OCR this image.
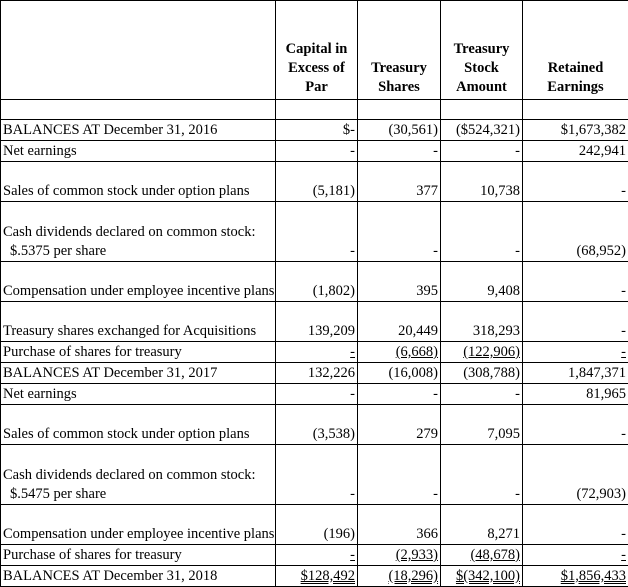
	Capital in Excess of Par	Treasury Shares	Treasury Stock Amount	Retained Earnings

BALANCES AT December 31, 2016	$-	(30,561)	($524,321)	$1,673,382
Net earnings	-	-	-	242,941
Sales of common stock under option plans	(5,181)	377	10,738	-
Cash dividends declared on common stock:
$.5375 per share	-	-	-	(68,952)
Compensation under employee incentive plans	(1,802)	395	9,408	-
Treasury shares exchanged for Acquisitions	139,209	20,449	318,293	-
Purchase of shares for treasury	-	(6,668)	(122,906)	-
BALANCES AT December 31, 2017	132,226	(16,008)	(308,788)	1,847,371
Net earnings	-	-	-	81,965
Sales of common stock under option plans	(3,538)	279	7,095	-
Cash dividends declared on common stock:
$.5475 per share	-	-	-	(72,903)
Compensation under employee incentive plans	(196)	366	8,271	-
Purchase of shares for treasury	-	(2,933)	(48,678)	-
BALANCES AT December 31, 2018	$128,492	(18,296)	$(342,100)	$1,856,433
